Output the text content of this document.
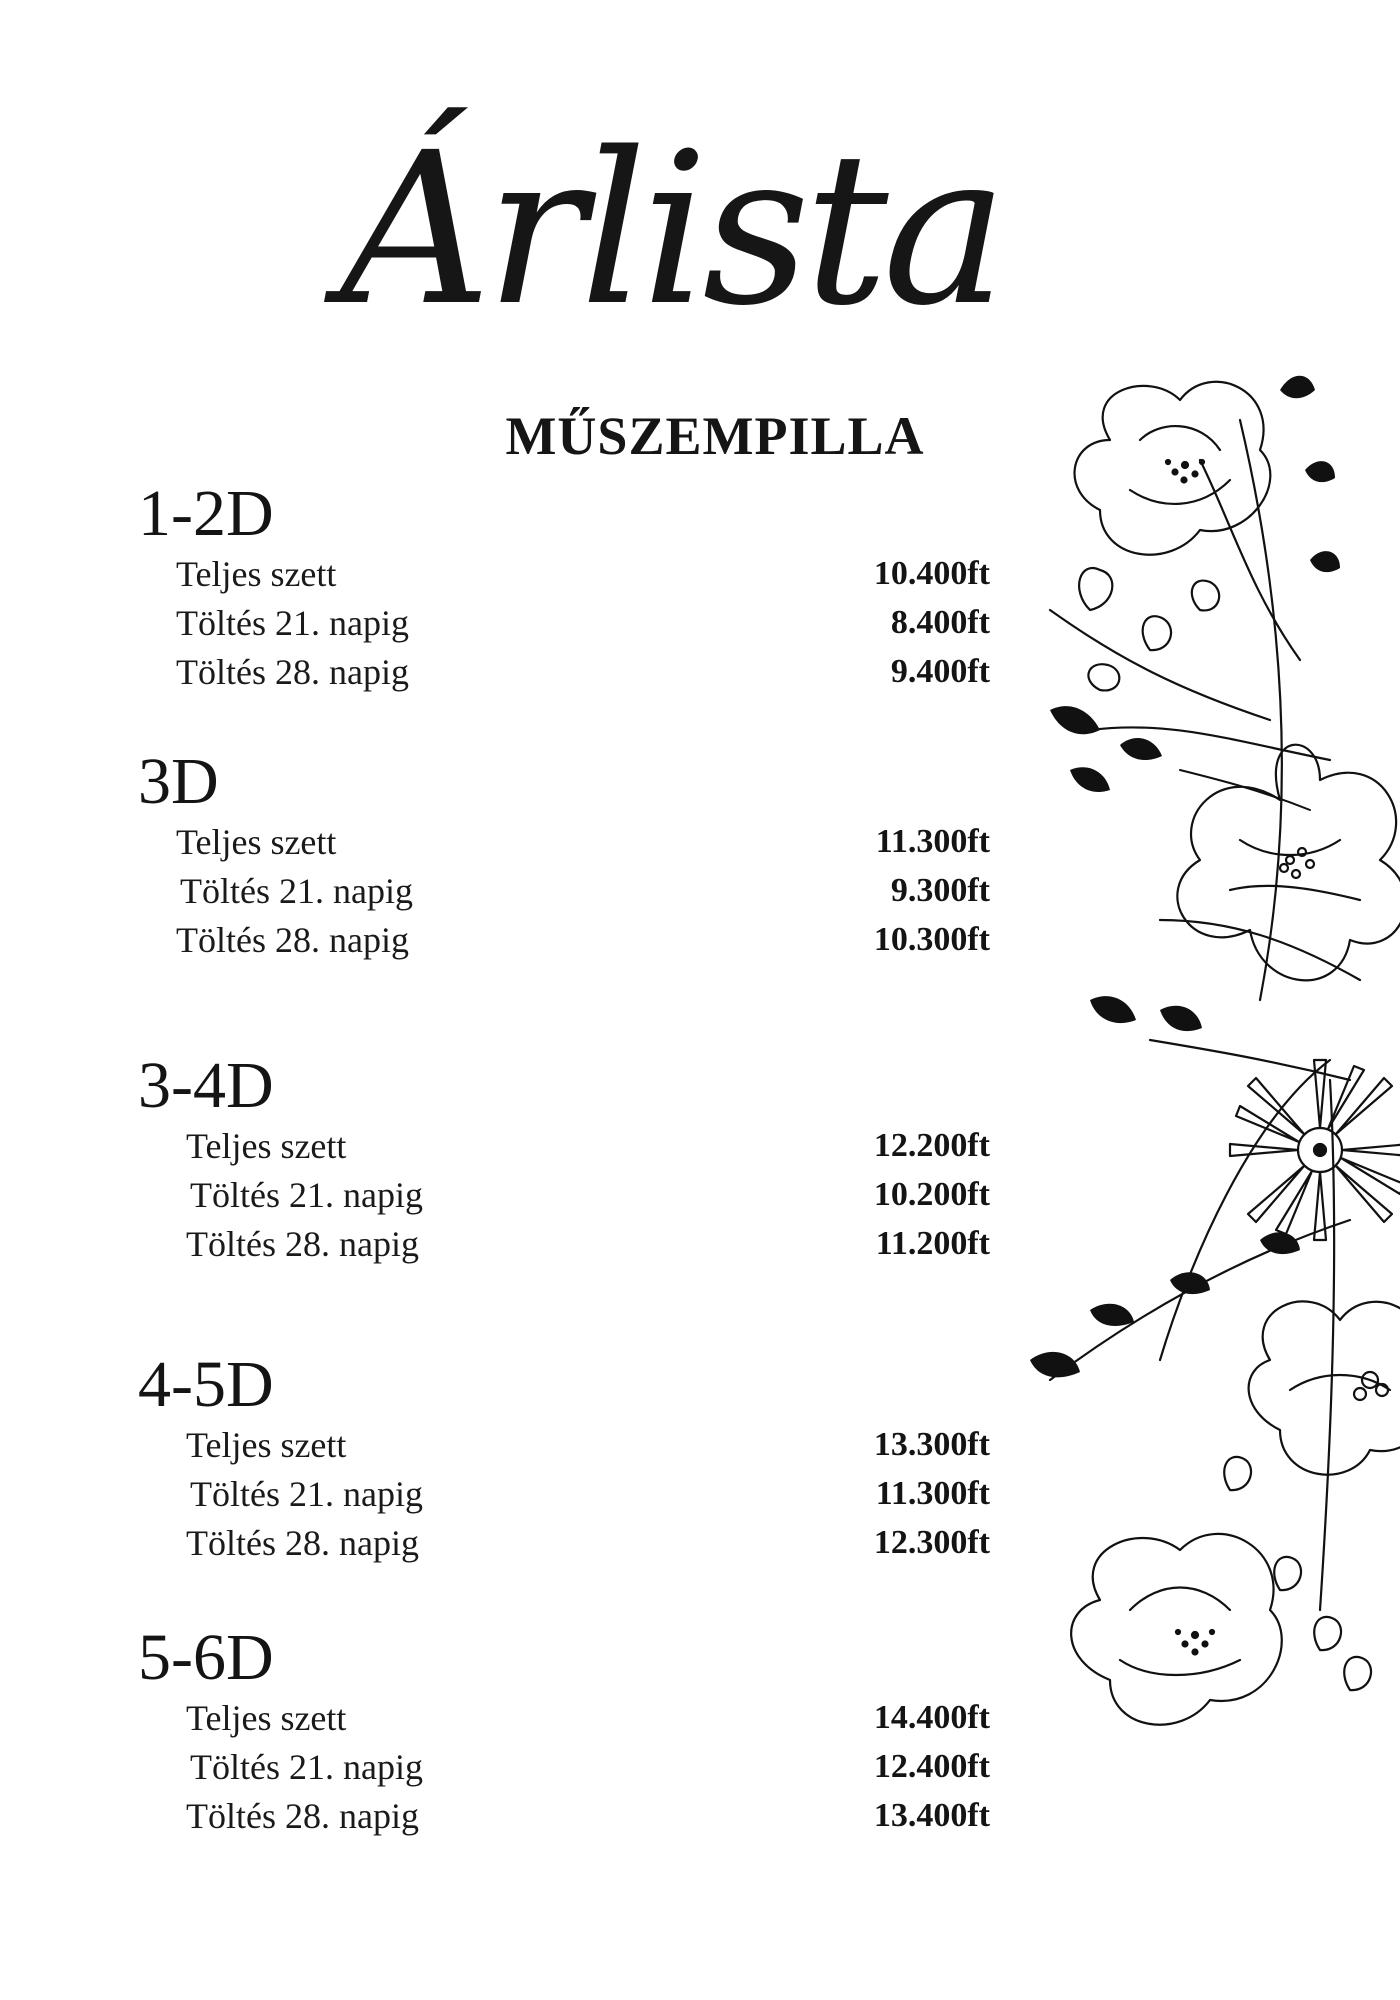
Árlista
MŰSZEMPILLA
1-2D
Teljes szett	10.400ft
Töltés 21. napig	8.400ft
Töltés 28. napig	9.400ft
3D
Teljes szett	11.300ft
Töltés 21. napig	9.300ft
Töltés 28. napig	10.300ft
3-4D
Teljes szett	12.200ft
Töltés 21. napig	10.200ft
Töltés 28. napig	11.200ft
4-5D
Teljes szett	13.300ft
Töltés 21. napig	11.300ft
Töltés 28. napig	12.300ft
5-6D
Teljes szett	14.400ft
Töltés 21. napig	12.400ft
Töltés 28. napig	13.400ft
